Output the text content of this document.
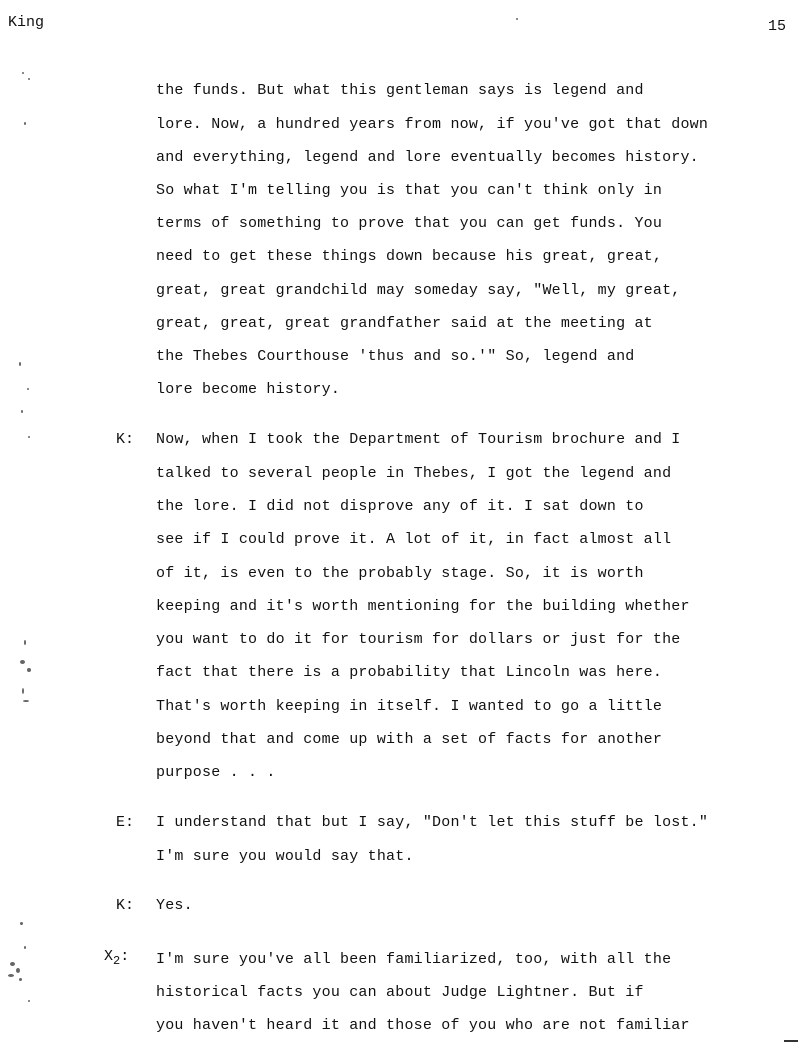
King	15
the funds. But what this gentleman says is legend and
lore. Now, a hundred years from now, if you've got that down
and everything, legend and lore eventually becomes history.
So what I'm telling you is that you can't think only in
terms of something to prove that you can get funds. You
need to get these things down because his great, great,
great, great grandchild may someday say, "Well, my great,
great, great, great grandfather said at the meeting at
the Thebes Courthouse 'thus and so.'" So, legend and
lore become history.
K: Now, when I took the Department of Tourism brochure and I
talked to several people in Thebes, I got the legend and
the lore. I did not disprove any of it. I sat down to
see if I could prove it. A lot of it, in fact almost all
of it, is even to the probably stage. So, it is worth
keeping and it's worth mentioning for the building whether
you want to do it for tourism for dollars or just for the
fact that there is a probability that Lincoln was here.
That's worth keeping in itself. I wanted to go a little
beyond that and come up with a set of facts for another
purpose . . .
E: I understand that but I say, "Don't let this stuff be lost."
I'm sure you would say that.
K: Yes.
$X_2$: I'm sure you've all been familiarized, too, with all the
historical facts you can about Judge Lightner. But if
you haven't heard it and those of you who are not familiar
